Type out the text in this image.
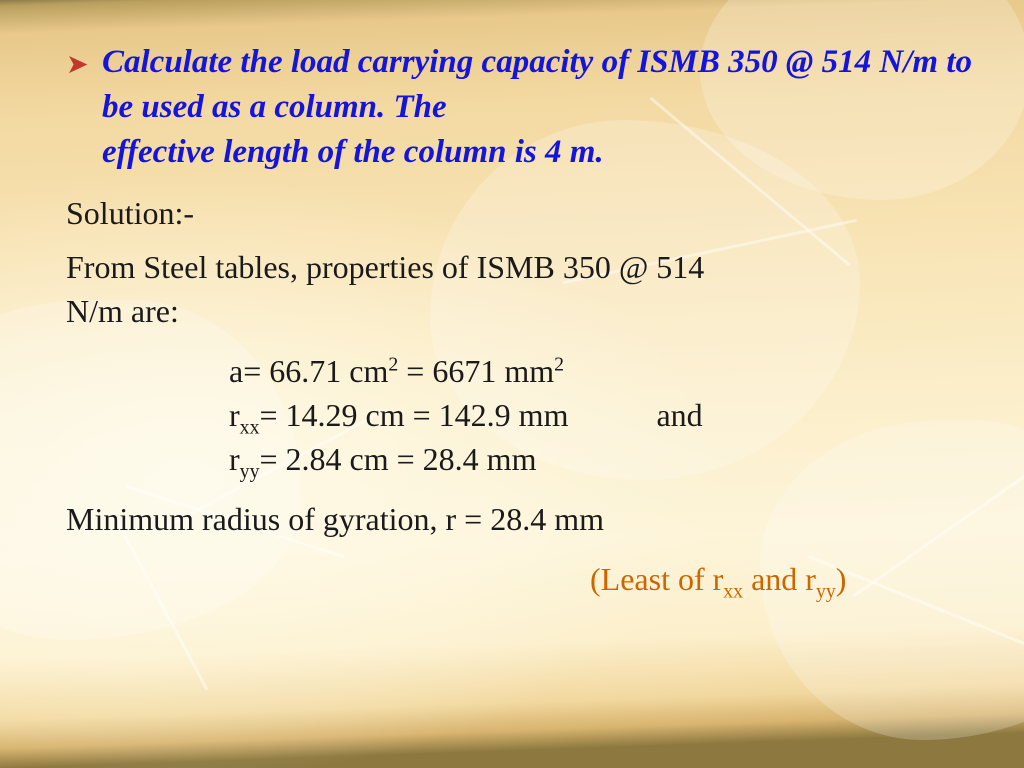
➤ Calculate the load carrying capacity of ISMB 350 @ 514 N/m to be used as a column. The
effective length of the column is 4 m.

Solution:-

From Steel tables, properties of ISMB 350 @ 514

N/m are:

a= 66.71 $cm^2 = 6671$ $mm^2$

$r_{xx}= 14.29$ cm = 142.9 mm	and

$r_{yy}= 2.84$ cm = 28.4 mm

Minimum radius of gyration, r = 28.4 mm

(Least of $r_{xx}$ and $r_{yy}$)
